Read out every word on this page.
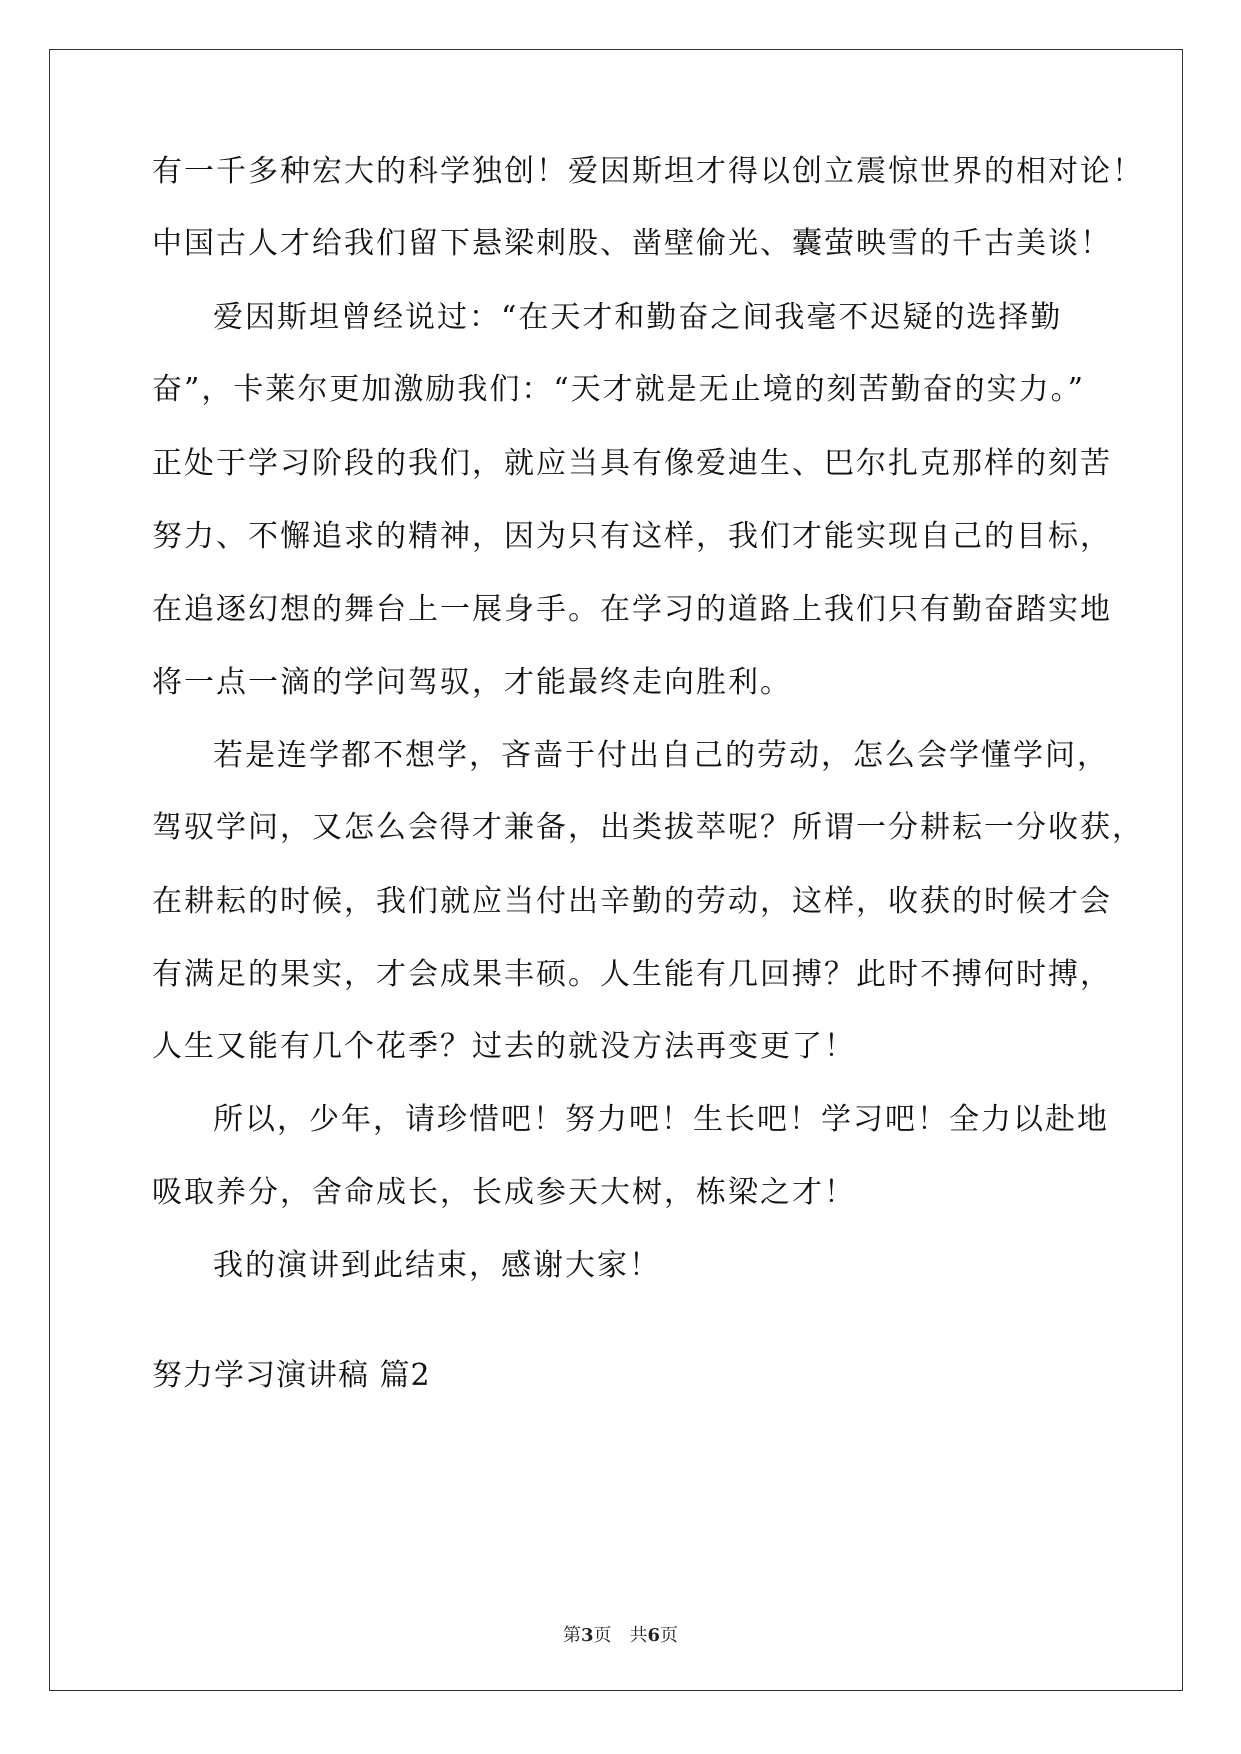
有一千多种宏大的科学独创！爱因斯坦才得以创立震惊世界的相对论！
中国古人才给我们留下悬梁刺股、凿壁偷光、囊萤映雪的千古美谈！
爱因斯坦曾经说过：“在天才和勤奋之间我毫不迟疑的选择勤
奋”，卡莱尔更加激励我们：“天才就是无止境的刻苦勤奋的实力。”
正处于学习阶段的我们，就应当具有像爱迪生、巴尔扎克那样的刻苦
努力、不懈追求的精神，因为只有这样，我们才能实现自己的目标，
在追逐幻想的舞台上一展身手。在学习的道路上我们只有勤奋踏实地
将一点一滴的学问驾驭，才能最终走向胜利。
若是连学都不想学，吝啬于付出自己的劳动，怎么会学懂学问，
驾驭学问，又怎么会得才兼备，出类拔萃呢？所谓一分耕耘一分收获，
在耕耘的时候，我们就应当付出辛勤的劳动，这样，收获的时候才会
有满足的果实，才会成果丰硕。人生能有几回搏？此时不搏何时搏，
人生又能有几个花季？过去的就没方法再变更了！
所以，少年，请珍惜吧！努力吧！生长吧！学习吧！全力以赴地
吸取养分，舍命成长，长成参天大树，栋梁之才！
我的演讲到此结束，感谢大家！
努力学习演讲稿 篇2
第3页　共6页
